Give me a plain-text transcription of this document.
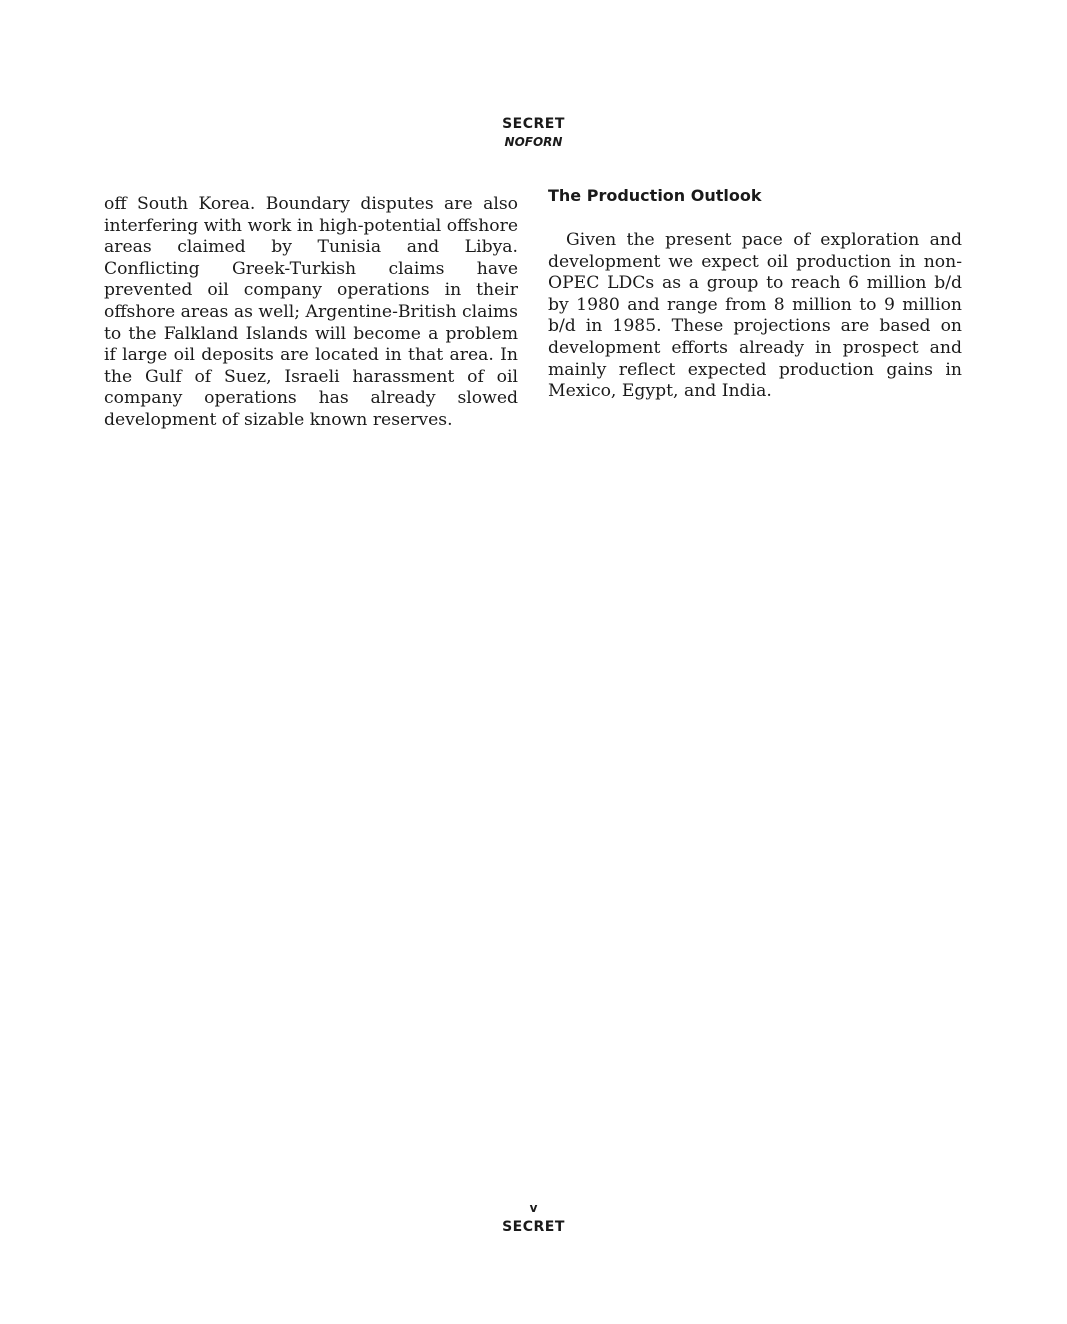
SECRET
NOFORN

off South Korea. Boundary disputes are also interfering with work in high-potential offshore areas claimed by Tunisia and Libya. Conflicting Greek-Turkish claims have prevented oil company operations in their offshore areas as well; Argentine-British claims to the Falkland Islands will become a problem if large oil deposits are located in that area. In the Gulf of Suez, Israeli harassment of oil company operations has already slowed development of sizable known reserves.

The Production Outlook

Given the present pace of exploration and development we expect oil production in non-OPEC LDCs as a group to reach 6 million b/d by 1980 and range from 8 million to 9 million b/d in 1985. These projections are based on development efforts already in prospect and mainly reflect expected production gains in Mexico, Egypt, and India.

v
SECRET
